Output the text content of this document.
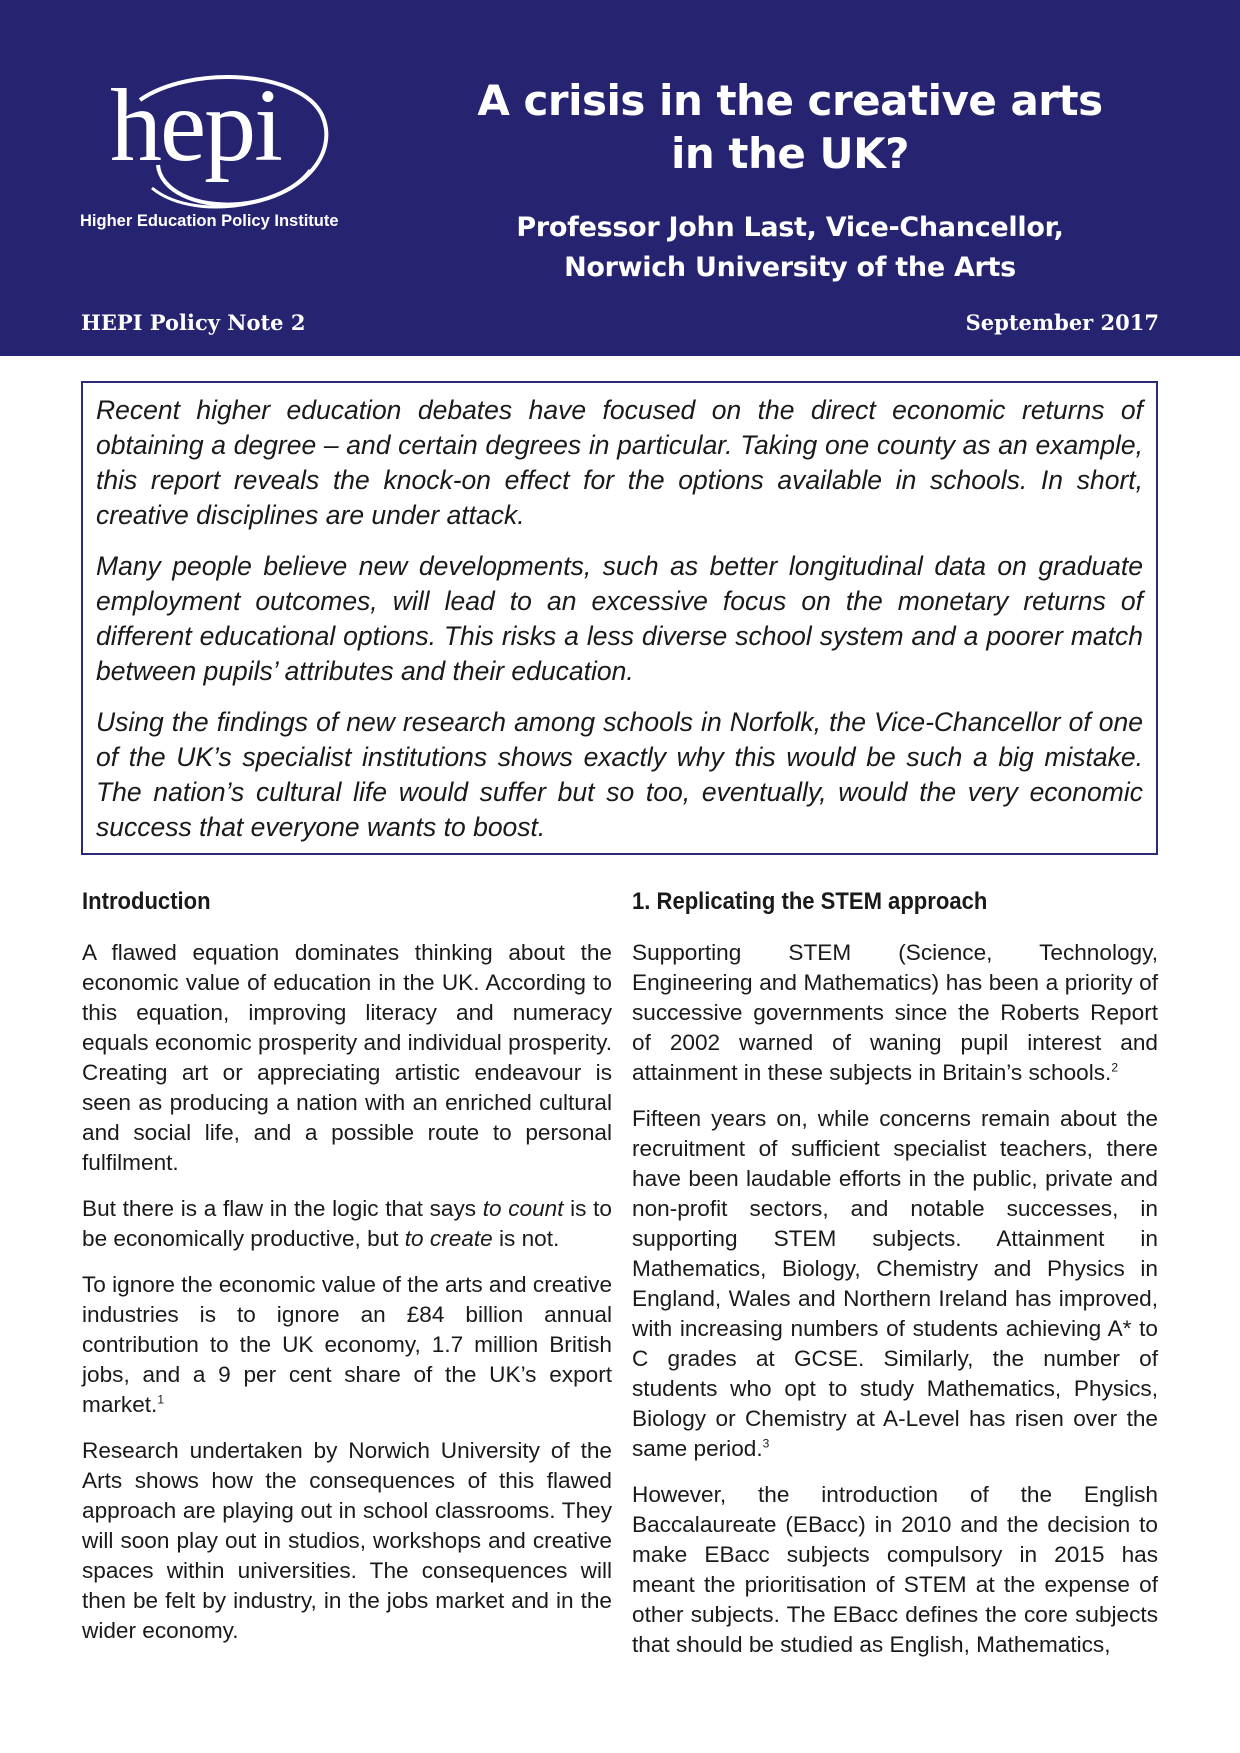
hepi
Higher Education Policy Institute
A crisis in the creative arts
in the UK?
Professor John Last, Vice-Chancellor,
Norwich University of the Arts
HEPI Policy Note 2	September 2017

Recent higher education debates have focused on the direct economic returns of obtaining a degree – and certain degrees in particular. Taking one county as an example, this report reveals the knock-on effect for the options available in schools. In short, creative disciplines are under attack.

Many people believe new developments, such as better longitudinal data on graduate employment outcomes, will lead to an excessive focus on the monetary returns of different educational options. This risks a less diverse school system and a poorer match between pupils’ attributes and their education.

Using the findings of new research among schools in Norfolk, the Vice-Chancellor of one of the UK’s specialist institutions shows exactly why this would be such a big mistake. The nation’s cultural life would suffer but so too, eventually, would the very economic success that everyone wants to boost.

Introduction

A flawed equation dominates thinking about the economic value of education in the UK. According to this equation, improving literacy and numeracy equals economic prosperity and individual prosperity. Creating art or appreciating artistic endeavour is seen as producing a nation with an enriched cultural and social life, and a possible route to personal fulfilment.

But there is a flaw in the logic that says to count is to be economically productive, but to create is not.

To ignore the economic value of the arts and creative industries is to ignore an £84 billion annual contribution to the UK economy, 1.7 million British jobs, and a 9 per cent share of the UK’s export market.$^1$

Research undertaken by Norwich University of the Arts shows how the consequences of this flawed approach are playing out in school classrooms. They will soon play out in studios, workshops and creative spaces within universities. The consequences will then be felt by industry, in the jobs market and in the wider economy.

1. Replicating the STEM approach

Supporting STEM (Science, Technology, Engineering and Mathematics) has been a priority of successive governments since the Roberts Report of 2002 warned of waning pupil interest and attainment in these subjects in Britain’s schools.$^2$

Fifteen years on, while concerns remain about the recruitment of sufficient specialist teachers, there have been laudable efforts in the public, private and non-profit sectors, and notable successes, in supporting STEM subjects. Attainment in Mathematics, Biology, Chemistry and Physics in England, Wales and Northern Ireland has improved, with increasing numbers of students achieving A* to C grades at GCSE. Similarly, the number of students who opt to study Mathematics, Physics, Biology or Chemistry at A-Level has risen over the same period.$^3$

However, the introduction of the English Baccalaureate (EBacc) in 2010 and the decision to make EBacc subjects compulsory in 2015 has meant the prioritisation of STEM at the expense of other subjects. The EBacc defines the core subjects that should be studied as English, Mathematics,
